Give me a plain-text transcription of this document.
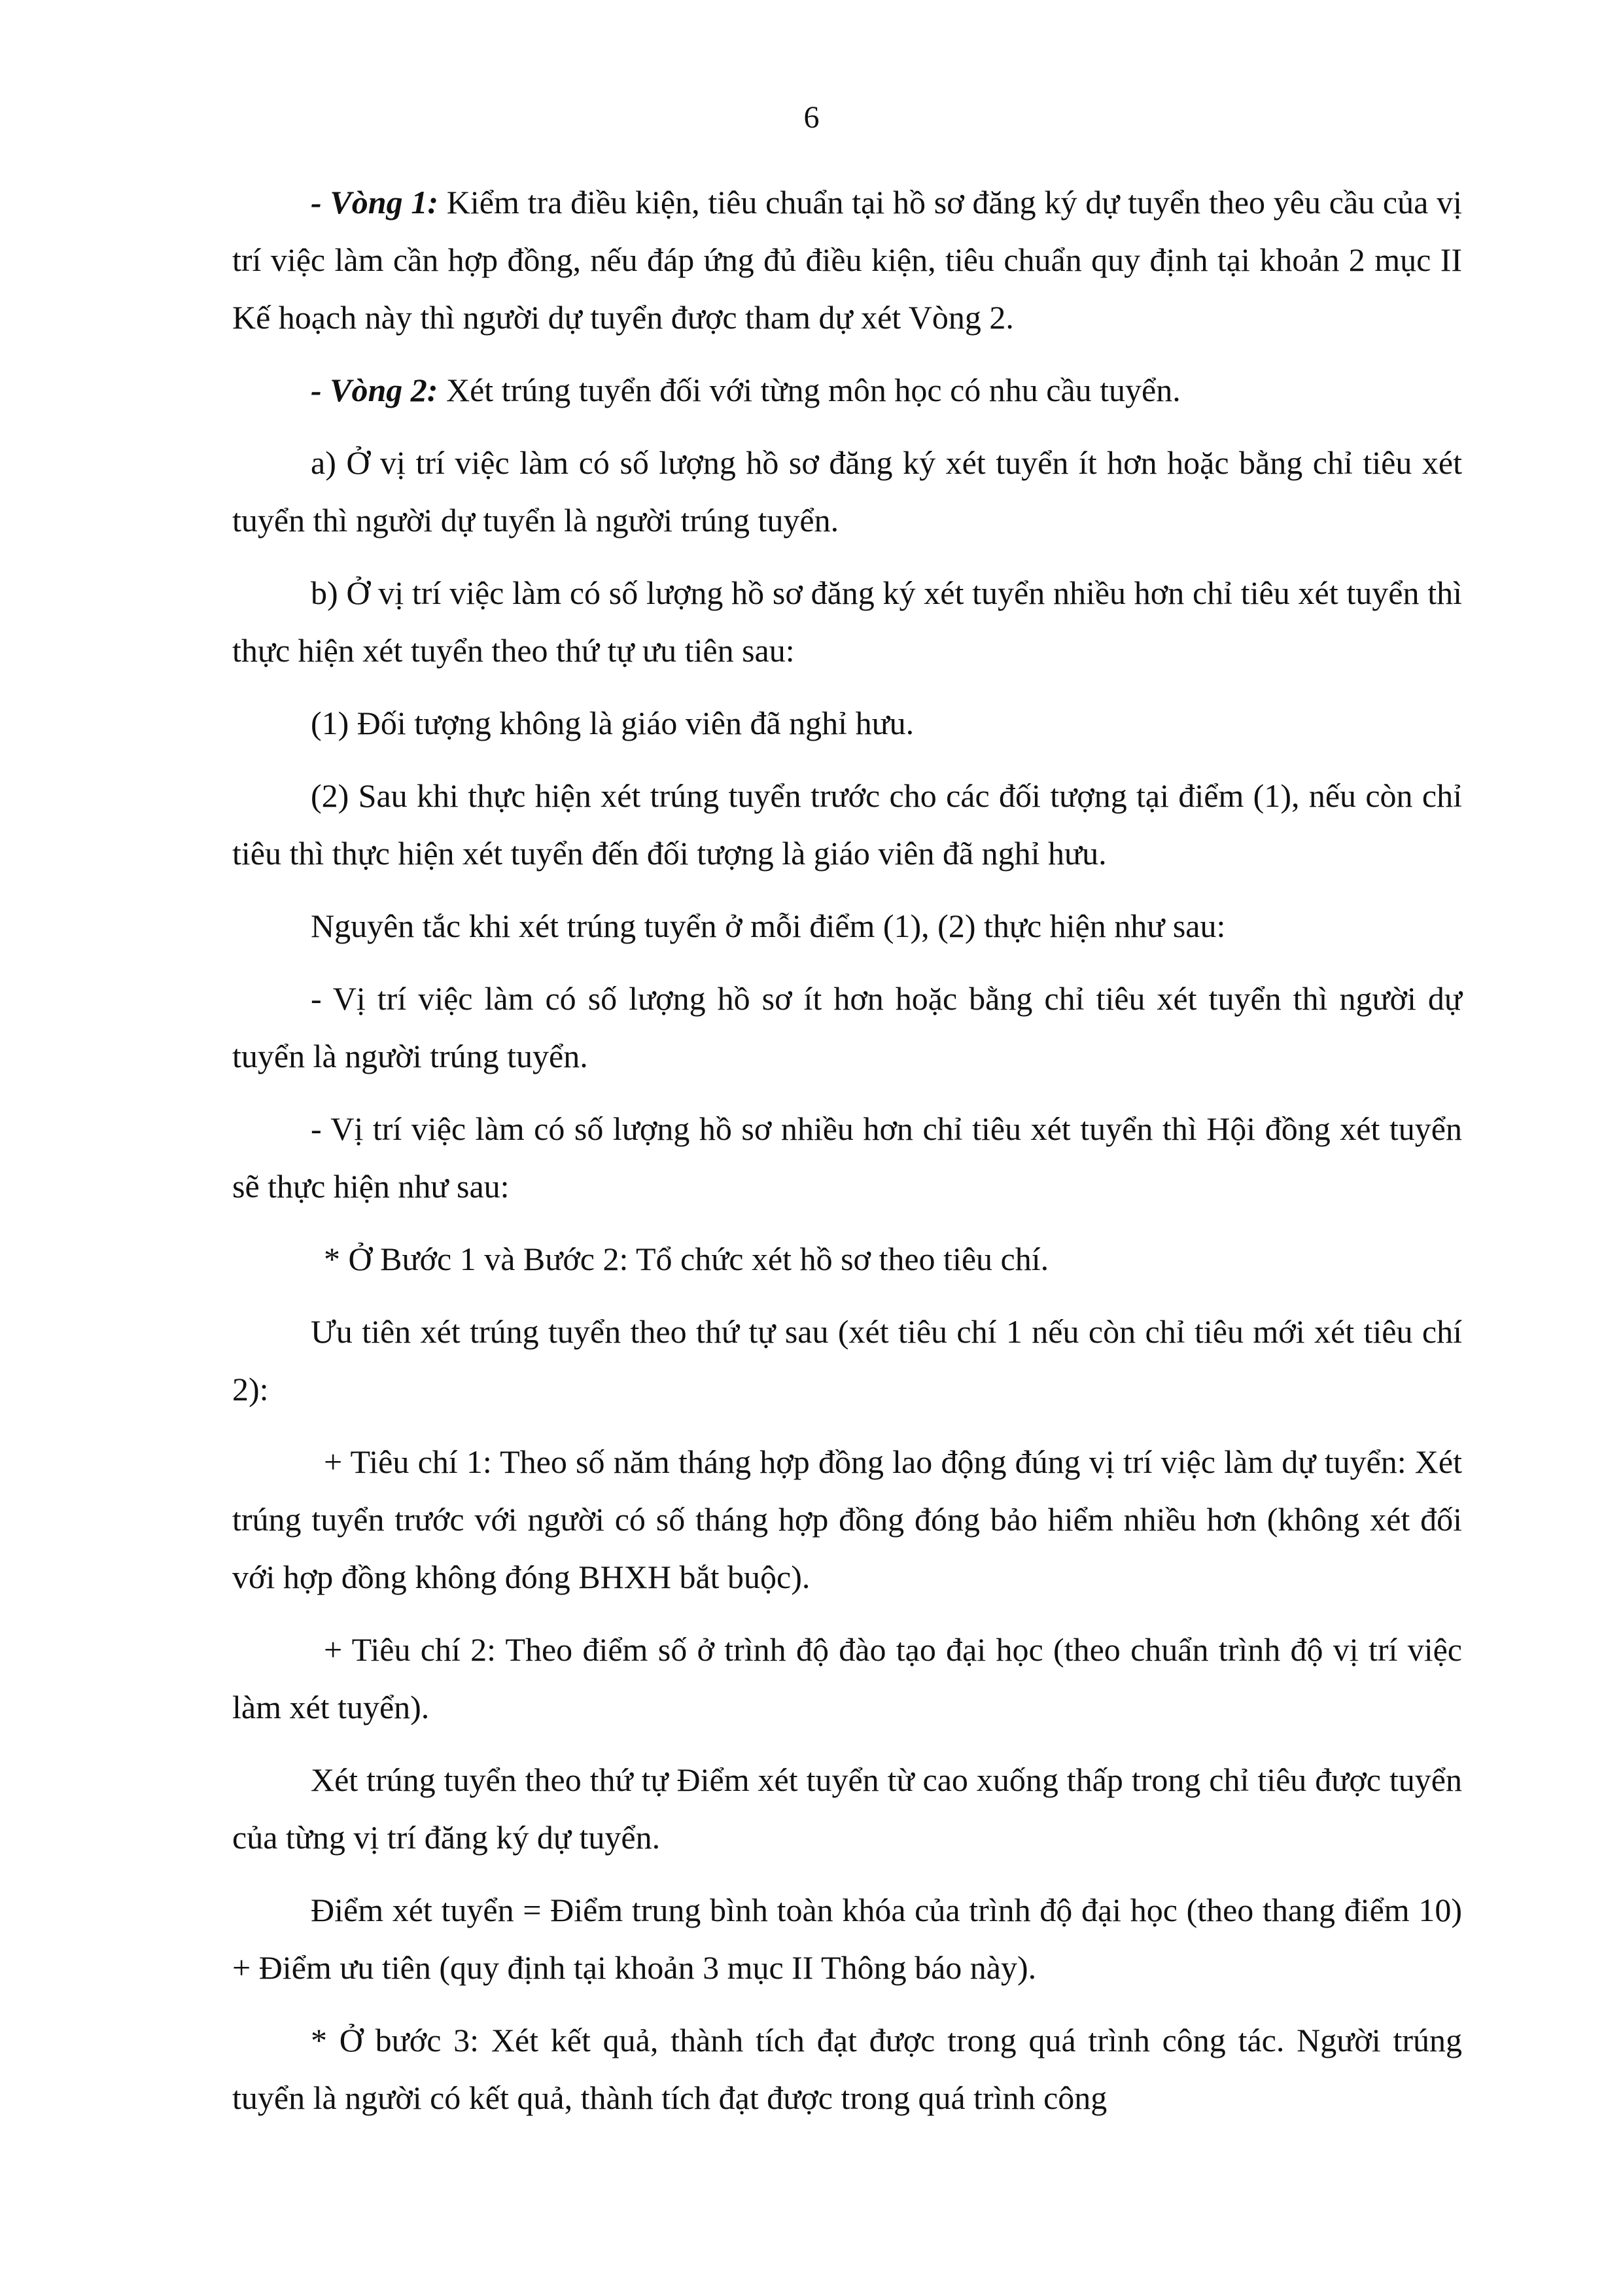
6

- Vòng 1: Kiểm tra điều kiện, tiêu chuẩn tại hồ sơ đăng ký dự tuyển theo yêu cầu của vị trí việc làm cần hợp đồng, nếu đáp ứng đủ điều kiện, tiêu chuẩn quy định tại khoản 2 mục II Kế hoạch này thì người dự tuyển được tham dự xét Vòng 2.

- Vòng 2: Xét trúng tuyển đối với từng môn học có nhu cầu tuyển.

a) Ở vị trí việc làm có số lượng hồ sơ đăng ký xét tuyển ít hơn hoặc bằng chỉ tiêu xét tuyển thì người dự tuyển là người trúng tuyển.

b) Ở vị trí việc làm có số lượng hồ sơ đăng ký xét tuyển nhiều hơn chỉ tiêu xét tuyển thì thực hiện xét tuyển theo thứ tự ưu tiên sau:

(1) Đối tượng không là giáo viên đã nghỉ hưu.

(2) Sau khi thực hiện xét trúng tuyển trước cho các đối tượng tại điểm (1), nếu còn chỉ tiêu thì thực hiện xét tuyển đến đối tượng là giáo viên đã nghỉ hưu.

Nguyên tắc khi xét trúng tuyển ở mỗi điểm (1), (2) thực hiện như sau:

- Vị trí việc làm có số lượng hồ sơ ít hơn hoặc bằng chỉ tiêu xét tuyển thì người dự tuyển là người trúng tuyển.

- Vị trí việc làm có số lượng hồ sơ nhiều hơn chỉ tiêu xét tuyển thì Hội đồng xét tuyển sẽ thực hiện như sau:

* Ở Bước 1 và Bước 2: Tổ chức xét hồ sơ theo tiêu chí.

Ưu tiên xét trúng tuyển theo thứ tự sau (xét tiêu chí 1 nếu còn chỉ tiêu mới xét tiêu chí 2):

+ Tiêu chí 1: Theo số năm tháng hợp đồng lao động đúng vị trí việc làm dự tuyển: Xét trúng tuyển trước với người có số tháng hợp đồng đóng bảo hiểm nhiều hơn (không xét đối với hợp đồng không đóng BHXH bắt buộc).

+ Tiêu chí 2: Theo điểm số ở trình độ đào tạo đại học (theo chuẩn trình độ vị trí việc làm xét tuyển).

Xét trúng tuyển theo thứ tự Điểm xét tuyển từ cao xuống thấp trong chỉ tiêu được tuyển của từng vị trí đăng ký dự tuyển.

Điểm xét tuyển = Điểm trung bình toàn khóa của trình độ đại học (theo thang điểm 10) + Điểm ưu tiên (quy định tại khoản 3 mục II Thông báo này).

* Ở bước 3: Xét kết quả, thành tích đạt được trong quá trình công tác. Người trúng tuyển là người có kết quả, thành tích đạt được trong quá trình công
